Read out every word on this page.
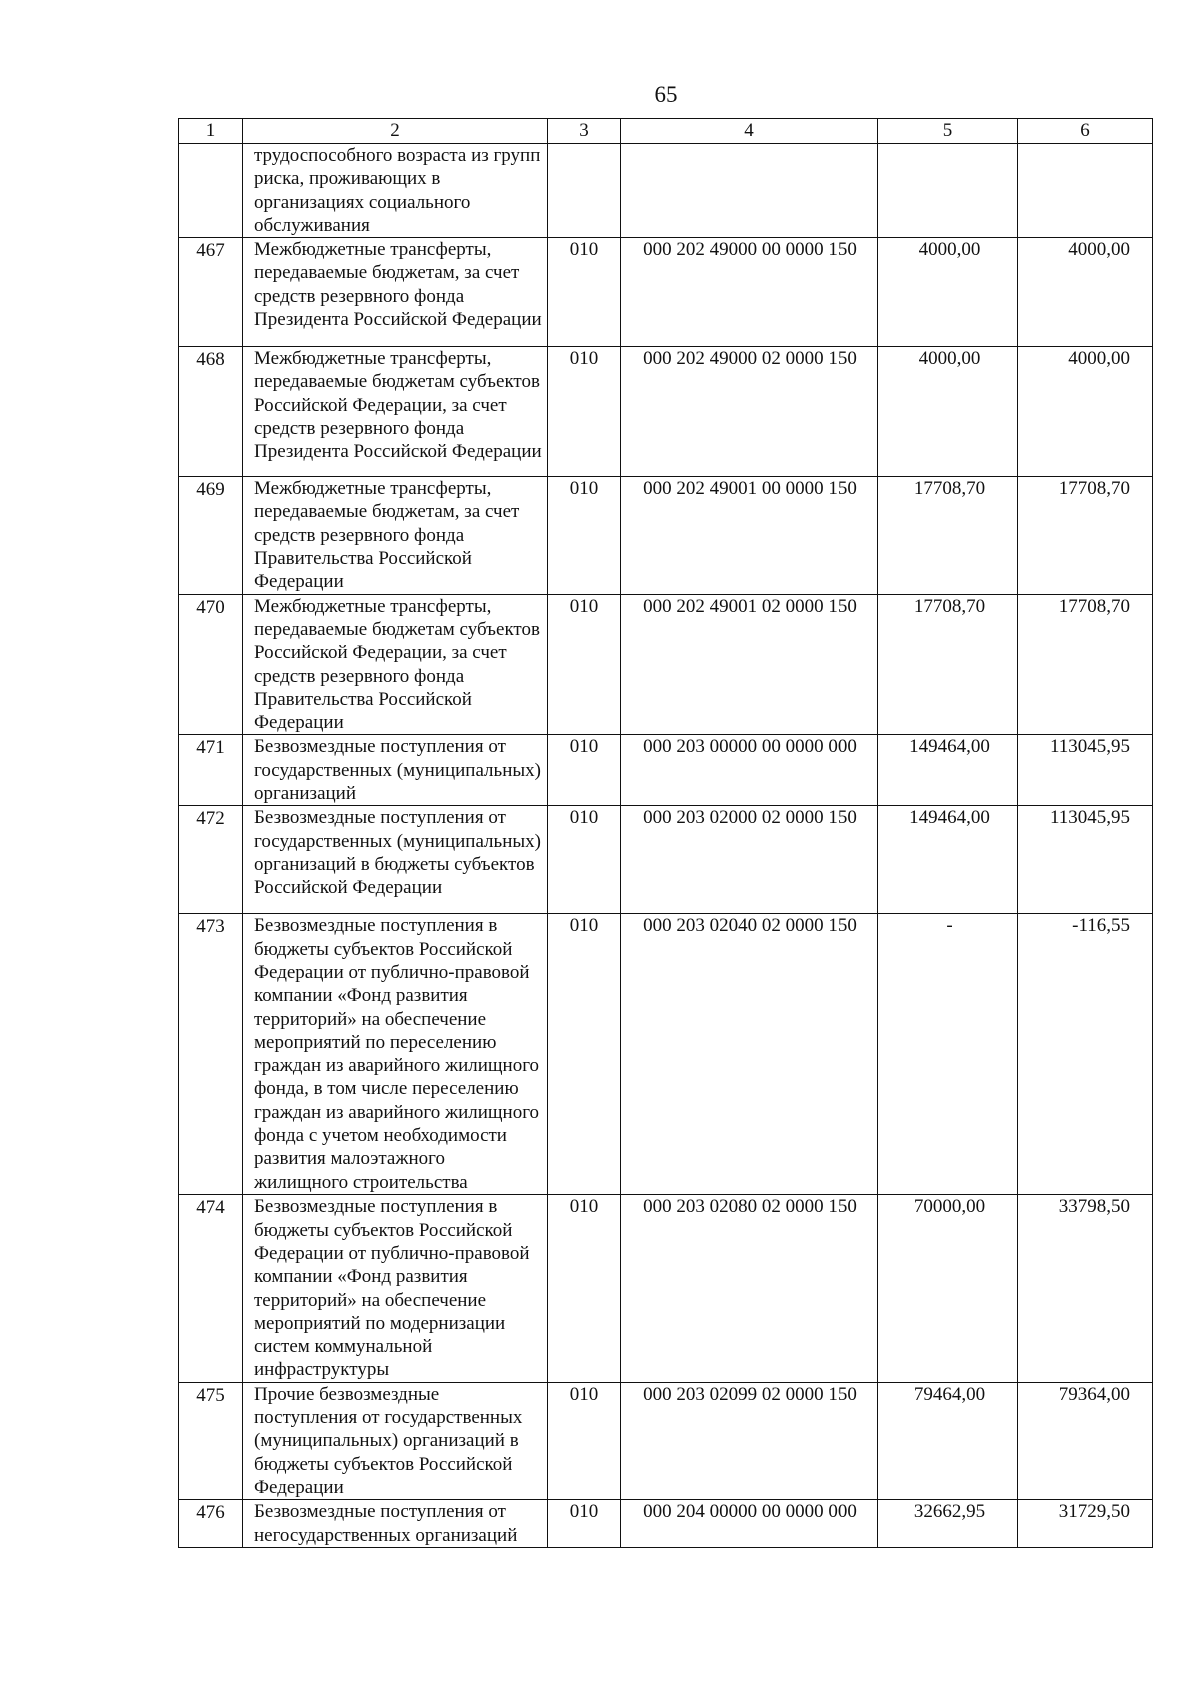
65
1	2	3	4	5	6
	трудоспособного возраста из групп риска, проживающих в организациях социального обслуживания				
467	Межбюджетные трансферты, передаваемые бюджетам, за счет средств резервного фонда Президента Российской Федерации	010	000 202 49000 00 0000 150	4000,00	4000,00
468	Межбюджетные трансферты, передаваемые бюджетам субъектов Российской Федерации, за счет средств резервного фонда Президента Российской Федерации	010	000 202 49000 02 0000 150	4000,00	4000,00
469	Межбюджетные трансферты, передаваемые бюджетам, за счет средств резервного фонда Правительства Российской Федерации	010	000 202 49001 00 0000 150	17708,70	17708,70
470	Межбюджетные трансферты, передаваемые бюджетам субъектов Российской Федерации, за счет средств резервного фонда Правительства Российской Федерации	010	000 202 49001 02 0000 150	17708,70	17708,70
471	Безвозмездные поступления от государственных (муниципальных) организаций	010	000 203 00000 00 0000 000	149464,00	113045,95
472	Безвозмездные поступления от государственных (муниципальных) организаций в бюджеты субъектов Российской Федерации	010	000 203 02000 02 0000 150	149464,00	113045,95
473	Безвозмездные поступления в бюджеты субъектов Российской Федерации от публично-правовой компании «Фонд развития территорий» на обеспечение мероприятий по переселению граждан из аварийного жилищного фонда, в том числе переселению граждан из аварийного жилищного фонда с учетом необходимости развития малоэтажного жилищного строительства	010	000 203 02040 02 0000 150	-	-116,55
474	Безвозмездные поступления в бюджеты субъектов Российской Федерации от публично-правовой компании «Фонд развития территорий» на обеспечение мероприятий по модернизации систем коммунальной инфраструктуры	010	000 203 02080 02 0000 150	70000,00	33798,50
475	Прочие безвозмездные поступления от государственных (муниципальных) организаций в бюджеты субъектов Российской Федерации	010	000 203 02099 02 0000 150	79464,00	79364,00
476	Безвозмездные поступления от негосударственных организаций	010	000 204 00000 00 0000 000	32662,95	31729,50
